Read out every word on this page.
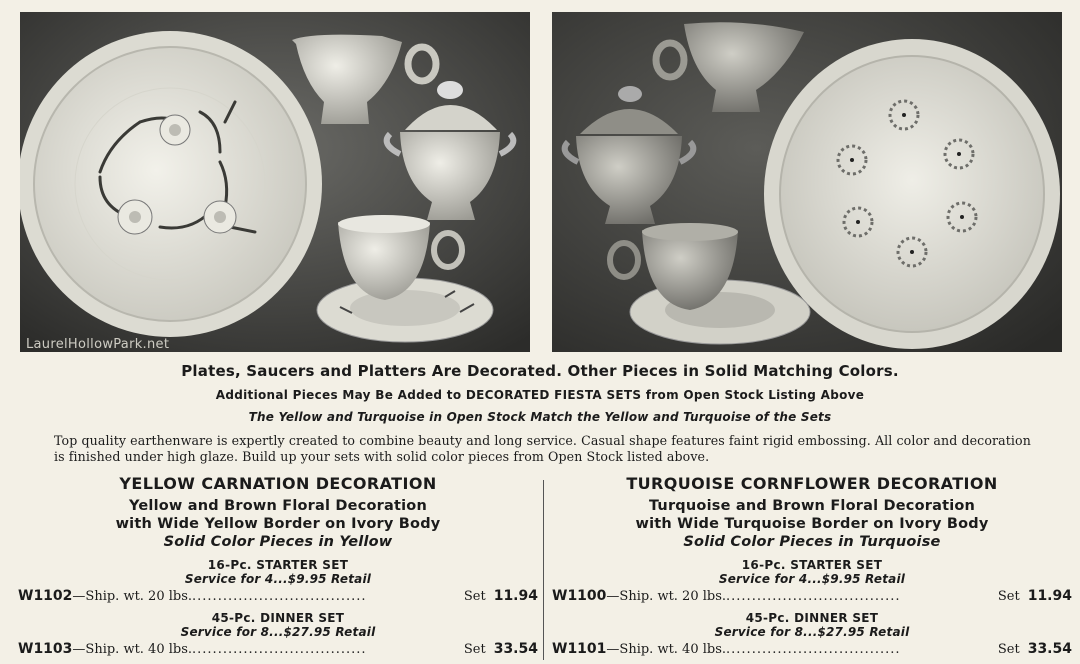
LaurelHollowPark.net
Plates, Saucers and Platters Are Decorated. Other Pieces in Solid Matching Colors.
Additional Pieces May Be Added to DECORATED FIESTA SETS from Open Stock Listing Above
The Yellow and Turquoise in Open Stock Match the Yellow and Turquoise of the Sets
Top quality earthenware is expertly created to combine beauty and long service. Casual shape features faint rigid embossing. All color and decoration is finished under high glaze. Build up your sets with solid color pieces from Open Stock listed above.
YELLOW CARNATION DECORATION
Yellow and Brown Floral Decoration
with Wide Yellow Border on Ivory Body
Solid Color Pieces in Yellow
16-Pc. STARTER SET
Service for 4...$9.95 Retail
W1102 —Ship. wt. 20 lbs. ..................................	Set 11.94
45-Pc. DINNER SET
Service for 8...$27.95 Retail
W1103 —Ship. wt. 40 lbs. ..................................	Set 33.54
TURQUOISE CORNFLOWER DECORATION
Turquoise and Brown Floral Decoration
with Wide Turquoise Border on Ivory Body
Solid Color Pieces in Turquoise
16-Pc. STARTER SET
Service for 4...$9.95 Retail
W1100 —Ship. wt. 20 lbs. ..................................	Set 11.94
45-Pc. DINNER SET
Service for 8...$27.95 Retail
W1101 —Ship. wt. 40 lbs. ..................................	Set 33.54
